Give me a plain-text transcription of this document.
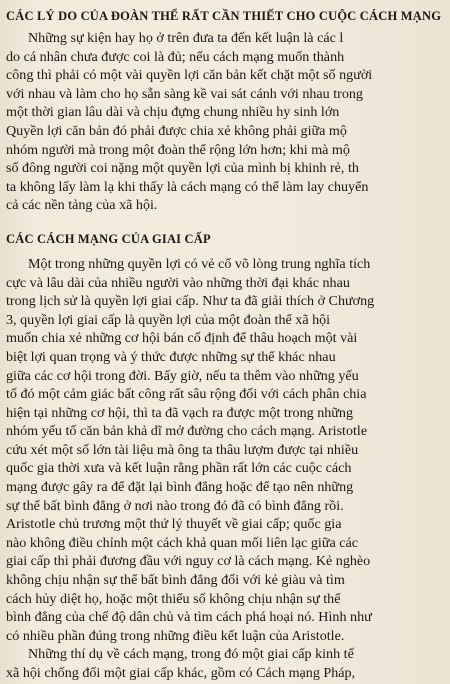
CÁC LÝ DO CỦA ĐOÀN THỂ RẤT CẦN THIẾT CHO CUỘC CÁCH MẠNG
Những sự kiện hay họ ở trên đưa ta đến kết luận là các l
do cá nhân chưa được coi là đủ; nếu cách mạng muốn thành
công thì phải có một vài quyền lợi căn bản kết chặt một số người
với nhau và làm cho họ sẵn sàng kề vai sát cánh với nhau trong
một thời gian lâu dài và chịu đựng chung nhiều hy sinh lớn
Quyền lợi căn bản đó phải được chia xẻ không phải giữa mộ
nhóm người mà trong một đoàn thể rộng lớn hơn; khi mà mộ
số đông người coi nặng một quyền lợi của mình bị khinh rẻ, th
ta không lấy làm lạ khi thấy là cách mạng có thể làm lay chuyển
cả các nền tảng của xã hội.
CÁC CÁCH MẠNG CỦA GIAI CẤP
Một trong những quyền lợi có vẻ cổ võ lòng trung nghĩa tích
cực và lâu dài của nhiều người vào những thời đại khác nhau
trong lịch sử là quyền lợi giai cấp. Như ta đã giải thích ở Chương
3, quyền lợi giai cấp là quyền lợi của một đoàn thể xã hội
muốn chia xẻ những cơ hội bán cố định để thâu hoạch một vài
biệt lợi quan trọng và ý thức được những sự thể khác nhau
giữa các cơ hội trong đời. Bấy giờ, nếu ta thêm vào những yếu
tố đó một cảm giác bất công rất sâu rộng đối với cách phân chia
hiện tại những cơ hội, thì ta đã vạch ra được một trong những
nhóm yếu tố căn bản khả dĩ mở đường cho cách mạng. Aristotle
cứu xét một số lớn tài liệu mà ông ta thâu lượm được tại nhiều
quốc gia thời xưa và kết luận rằng phần rất lớn các cuộc cách
mạng được gây ra để đặt lại bình đẳng hoặc để tạo nên những
sự thể bất bình đẳng ở nơi nào trong đó đã có bình đẳng rồi.
Aristotle chủ trương một thứ lý thuyết về giai cấp; quốc gia
nào không điều chỉnh một cách khả quan mối liên lạc giữa các
giai cấp thì phải đương đầu với nguy cơ là cách mạng. Kẻ nghèo
không chịu nhận sự thể bất bình đẳng đối với kẻ giàu và tìm
cách hủy diệt họ, hoặc một thiểu số không chịu nhận sự thể
bình đẳng của chế độ dân chủ và tìm cách phá hoại nó. Hình như
có nhiều phần đúng trong những điều kết luận của Aristotle.
Những thí dụ về cách mạng, trong đó một giai cấp kinh tế
xã hội chống đối một giai cấp khác, gồm có Cách mạng Pháp,
